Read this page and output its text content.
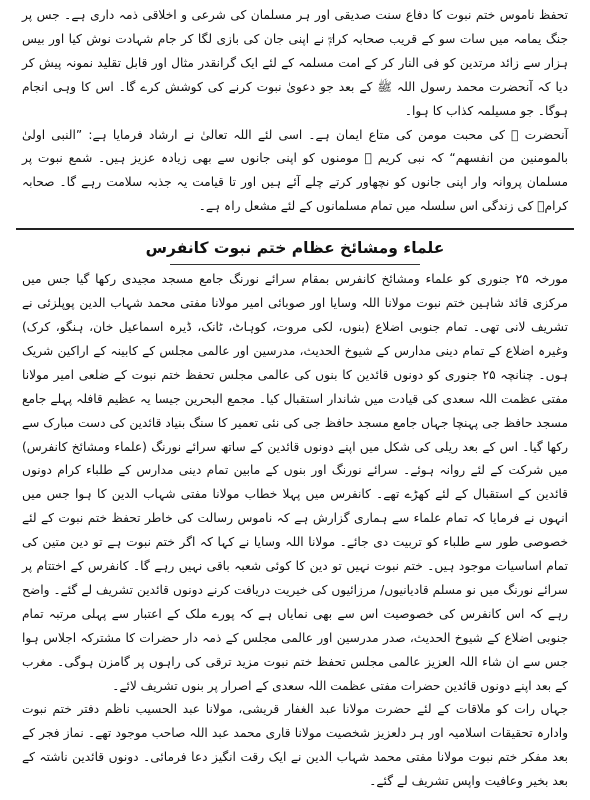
تحفظ ناموس ختم نبوت کا دفاع سنت صدیقی اور ہر مسلمان کی شرعی و اخلاقی ذمہ داری ہے۔ جس پر جنگ یمامہ میں سات سو کے قریب صحابہ کرامؓ نے اپنی جان کی بازی لگا کر جام شہادت نوش کیا اور بیس ہزار سے زائد مرتدین کو فی النار کر کے امت مسلمہ کے لئے ایک گرانقدر مثال اور قابل تقلید نمونہ پیش کر دیا کہ آنحضرت محمد رسول اللہ ﷺ کے بعد جو دعویٰ نبوت کرنے کی کوشش کرے گا۔ اس کا وہی انجام ہوگا۔ جو مسیلمہ کذاب کا ہوا۔

آنحضرت ﷺ کی محبت مومن کی متاع ایمان ہے۔ اسی لئے اللہ تعالیٰ نے ارشاد فرمایا ہے: ”النبی اولیٰ بالمومنین من انفسھم“ کہ نبی کریم ﷺ مومنوں کو اپنی جانوں سے بھی زیادہ عزیز ہیں۔ شمع نبوت پر مسلمان پروانہ وار اپنی جانوں کو نچھاور کرتے چلے آئے ہیں اور تا قیامت یہ جذبہ سلامت رہے گا۔ صحابہ کرامؓ کی زندگی اس سلسلہ میں تمام مسلمانوں کے لئے مشعل راہ ہے۔

علماء ومشائخ عظام ختم نبوت کانفرس

مورخہ ۲۵ جنوری کو علماء ومشائخ کانفرس بمقام سرائے نورنگ جامع مسجد مجیدی رکھا گیا جس میں مرکزی قائد شاہین ختم نبوت مولانا اللہ وسایا اور صوبائی امیر مولانا مفتی محمد شہاب الدین پوپلزئی نے تشریف لانی تھی۔ تمام جنوبی اضلاع (بنوں، لکی مروت، کوہاٹ، ٹانک، ڈیرہ اسماعیل خان، ہنگو، کرک) وغیرہ اضلاع کے تمام دینی مدارس کے شیوخ الحدیث، مدرسین اور عالمی مجلس کے کابینہ کے اراکین شریک ہوں۔ چنانچہ ۲۵ جنوری کو دونوں قائدین کا بنوں کی عالمی مجلس تحفظ ختم نبوت کے ضلعی امیر مولانا مفتی عظمت اللہ سعدی کی قیادت میں شاندار استقبال کیا۔ مجمع البحرین جیسا یہ عظیم قافلہ پہلے جامع مسجد حافظ جی پہنچا جہاں جامع مسجد حافظ جی کی نئی تعمیر کا سنگ بنیاد قائدین کی دست مبارک سے رکھا گیا۔ اس کے بعد ریلی کی شکل میں اپنے دونوں قائدین کے ساتھ سرائے نورنگ (علماء ومشائخ کانفرس) میں شرکت کے لئے روانہ ہوئے۔ سرائے نورنگ اور بنوں کے مابین تمام دینی مدارس کے طلباء کرام دونوں قائدین کے استقبال کے لئے کھڑے تھے۔ کانفرس میں پہلا خطاب مولانا مفتی شہاب الدین کا ہوا جس میں انہوں نے فرمایا کہ تمام علماء سے ہماری گزارش ہے کہ ناموس رسالت کی خاطر تحفظ ختم نبوت کے لئے خصوصی طور سے طلباء کو تربیت دی جائے۔ مولانا اللہ وسایا نے کہا کہ اگر ختم نبوت ہے تو دین متین کی تمام اساسیات موجود ہیں۔ ختم نبوت نہیں تو دین کا کوئی شعبہ باقی نہیں رہے گا۔ کانفرس کے اختتام پر سرائے نورنگ میں نو مسلم قادیانیوں/ مرزائیوں کی خیریت دریافت کرنے دونوں قائدین تشریف لے گئے۔ واضح رہے کہ اس کانفرس کی خصوصیت اس سے بھی نمایاں ہے کہ پورے ملک کے اعتبار سے پہلی مرتبہ تمام جنوبی اضلاع کے شیوخ الحدیث، صدر مدرسین اور عالمی مجلس کے ذمہ دار حضرات کا مشترکہ اجلاس ہوا جس سے ان شاء اللہ العزیز عالمی مجلس تحفظ ختم نبوت مزید ترقی کی راہوں پر گامزن ہوگی۔ مغرب کے بعد اپنے دونوں قائدین حضرات مفتی عظمت اللہ سعدی کے اصرار پر بنوں تشریف لائے۔

جہاں رات کو ملاقات کے لئے حضرت مولانا عبد الغفار قریشی، مولانا عبد الحسیب ناظم دفتر ختم نبوت وادارہ تحقیقات اسلامیہ اور ہر دلعزیز شخصیت مولانا قاری محمد عبد اللہ صاحب موجود تھے۔ نماز فجر کے بعد مفکر ختم نبوت مولانا مفتی محمد شہاب الدین نے ایک رقت انگیز دعا فرمائی۔ دونوں قائدین ناشتہ کے بعد بخیر وعافیت واپس تشریف لے گئے۔
